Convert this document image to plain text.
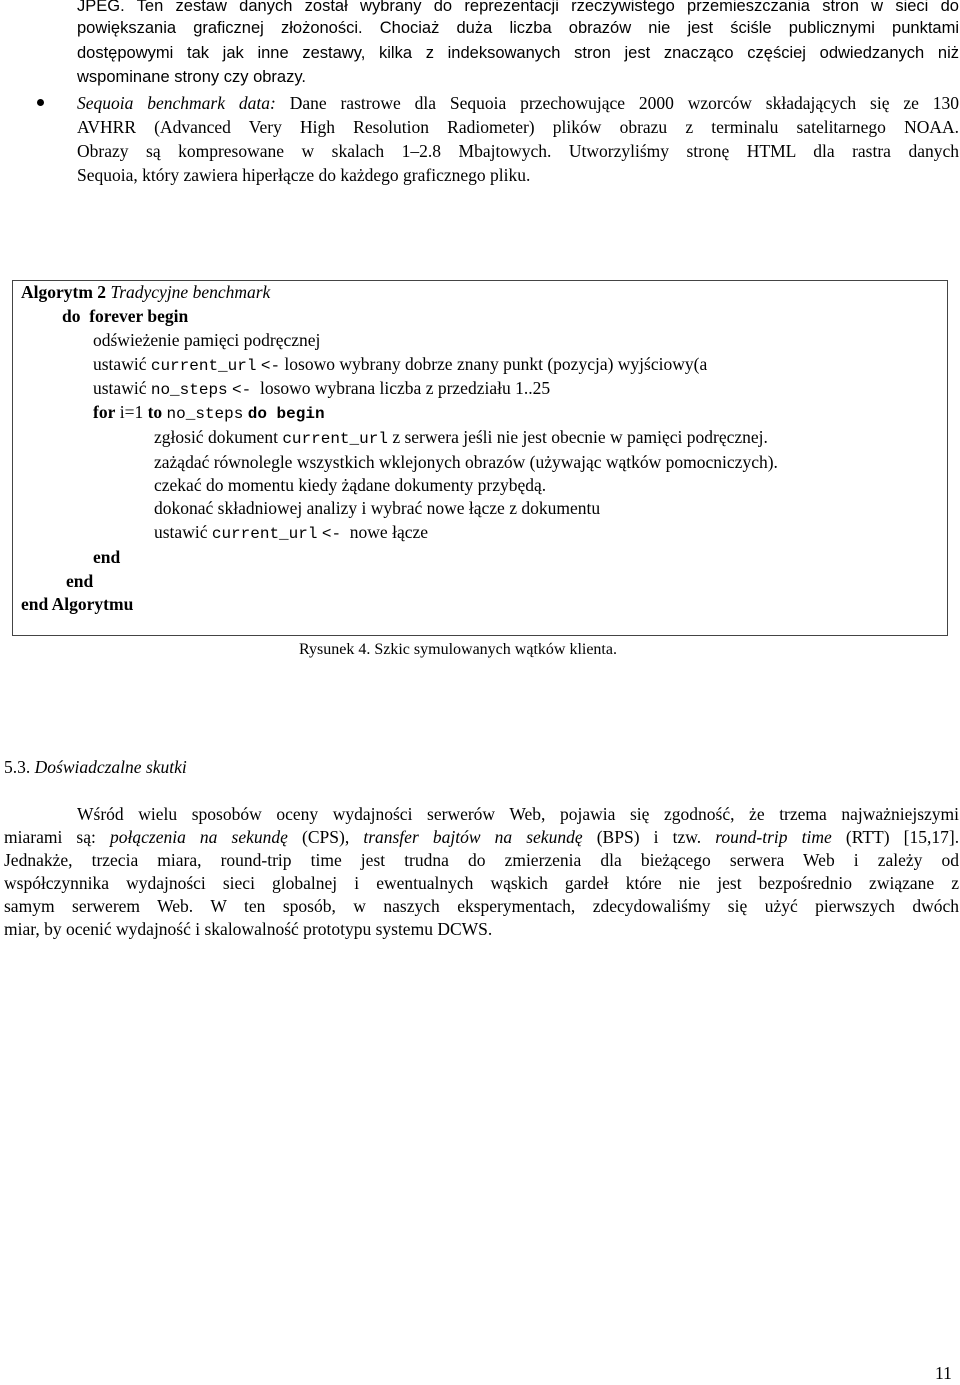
JPEG. Ten zestaw danych został wybrany do reprezentacji rzeczywistego przemieszczania stron w sieci do
powiększania graficznej złożoności. Chociaż duża liczba obrazów nie jest ściśle publicznymi punktami
dostępowymi tak jak inne zestawy, kilka z indeksowanych stron jest znacząco częściej odwiedzanych niż
wspominane strony czy obrazy.
Sequoia benchmark data: Dane rastrowe dla Sequoia przechowujące 2000 wzorców składających się ze 130
AVHRR (Advanced Very High Resolution Radiometer) plików obrazu z terminalu satelitarnego NOAA.
Obrazy są kompresowane w skalach 1–2.8 Mbajtowych. Utworzyliśmy stronę HTML dla rastra danych
Sequoia, który zawiera hiperłącze do każdego graficznego pliku.
Algorytm 2 Tradycyjne benchmark
do forever begin
odświeżenie pamięci podręcznej
ustawić current_url <- losowo wybrany dobrze znany punkt (pozycja) wyjściowy(a
ustawić no_steps <- losowo wybrana liczba z przedziału 1..25
for i=1 to no_steps do begin
zgłosić dokument current_url z serwera jeśli nie jest obecnie w pamięci podręcznej.
zażądać równolegle wszystkich wklejonych obrazów (używając wątków pomocniczych).
czekać do momentu kiedy żądane dokumenty przybędą.
dokonać składniowej analizy i wybrać nowe łącze z dokumentu
ustawić current_url <- nowe łącze
end
end
end Algorytmu
Rysunek 4. Szkic symulowanych wątków klienta.
5.3. Doświadczalne skutki
Wśród wielu sposobów oceny wydajności serwerów Web, pojawia się zgodność, że trzema najważniejszymi
miarami są: połączenia na sekundę (CPS), transfer bajtów na sekundę (BPS) i tzw. round-trip time (RTT) [15,17].
Jednakże, trzecia miara, round-trip time jest trudna do zmierzenia dla bieżącego serwera Web i zależy od
współczynnika wydajności sieci globalnej i ewentualnych wąskich gardeł które nie jest bezpośrednio związane z
samym serwerem Web. W ten sposób, w naszych eksperymentach, zdecydowaliśmy się użyć pierwszych dwóch
miar, by ocenić wydajność i skalowalność prototypu systemu DCWS.
11
